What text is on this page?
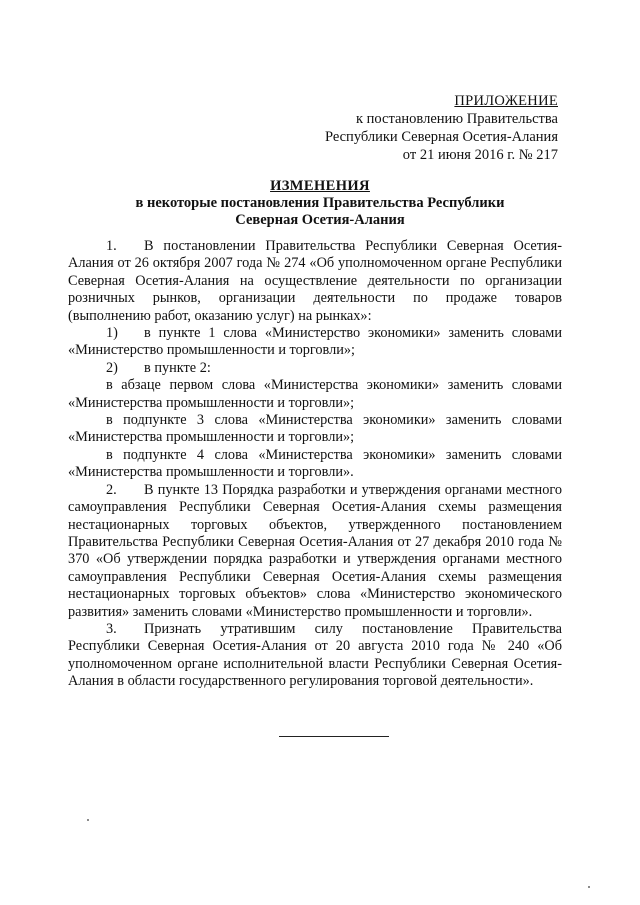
ПРИЛОЖЕНИЕ
к постановлению Правительства
Республики Северная Осетия-Алания
от 21 июня 2016 г. № 217
ИЗМЕНЕНИЯ
в некоторые постановления Правительства Республики
Северная Осетия-Алания

1. В постановлении Правительства Республики Северная Осетия-Алания от 26 октября 2007 года № 274 «Об уполномоченном органе Республики Северная Осетия-Алания на осуществление деятельности по организации розничных рынков, организации деятельности по продаже товаров (выполнению работ, оказанию услуг) на рынках»:

1) в пункте 1 слова «Министерство экономики» заменить словами «Министерство промышленности и торговли»;

2) в пункте 2:

в абзаце первом слова «Министерства экономики» заменить словами «Министерства промышленности и торговли»;

в подпункте 3 слова «Министерства экономики» заменить словами «Министерства промышленности и торговли»;

в подпункте 4 слова «Министерства экономики» заменить словами «Министерства промышленности и торговли».

2. В пункте 13 Порядка разработки и утверждения органами местного самоуправления Республики Северная Осетия-Алания схемы размещения нестационарных торговых объектов, утвержденного постановлением Правительства Республики Северная Осетия-Алания от 27 декабря 2010 года № 370 «Об утверждении порядка разработки и утверждения органами местного самоуправления Республики Северная Осетия-Алания схемы размещения нестационарных торговых объектов» слова «Министерство экономического развития» заменить словами «Министерство промышленности и торговли».

3. Признать утратившим силу постановление Правительства Республики Северная Осетия-Алания от 20 августа 2010 года № 240 «Об уполномоченном органе исполнительной власти Республики Северная Осетия-Алания в области государственного регулирования торговой деятельности».
